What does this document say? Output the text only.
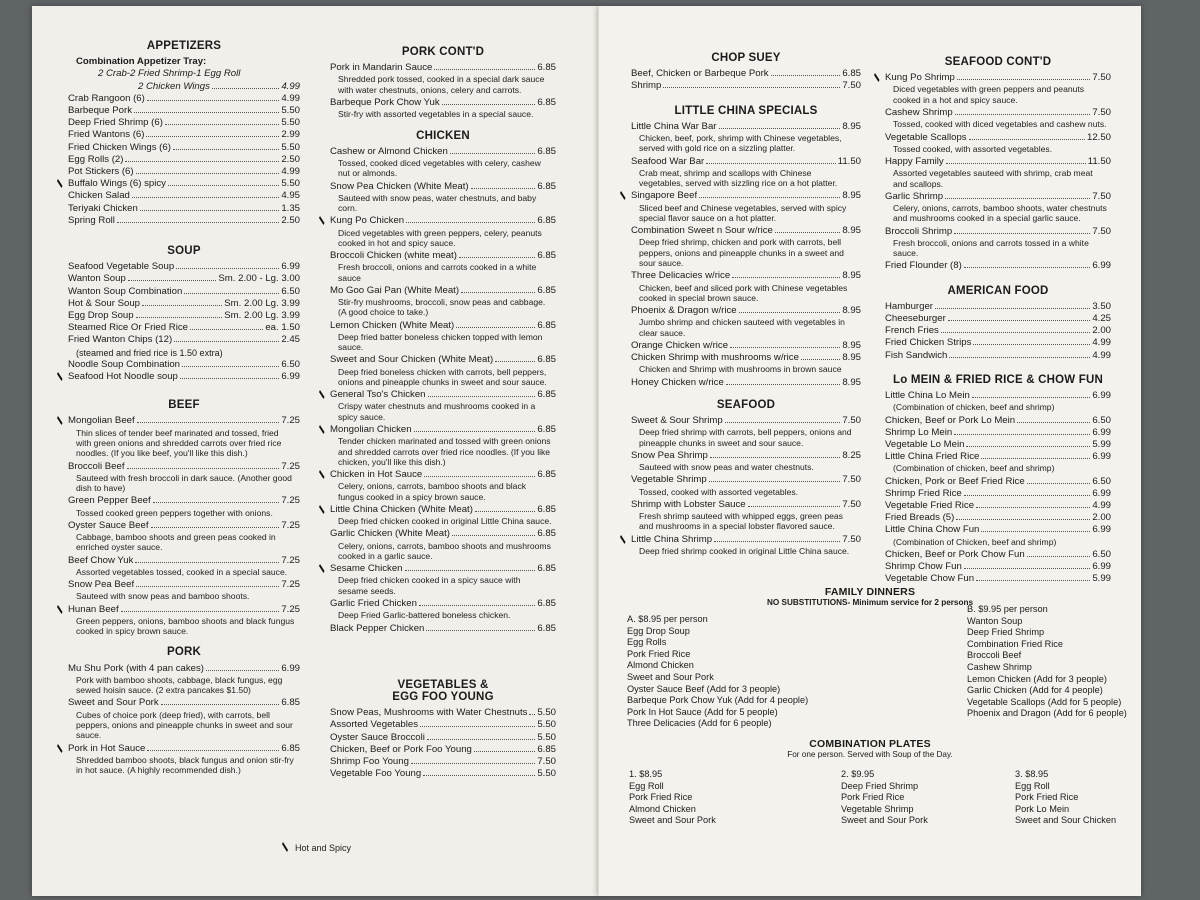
APPETIZERS
Combination Appetizer Tray:
2 Crab-2 Fried Shrimp-1 Egg Roll
2 Chicken Wings	4.99
Crab Rangoon (6)	4.99
Barbeque Pork	5.50
Deep Fried Shrimp (6)	5.50
Fried Wantons (6)	2.99
Fried Chicken Wings (6)	5.50
Egg Rolls (2)	2.50
Pot Stickers (6)	4.99
Buffalo Wings (6) spicy	5.50
Chicken Salad	4.95
Teriyaki Chicken	1.35
Spring Roll	2.50
SOUP
Seafood Vegetable Soup	6.99
Wanton Soup	Sm. 2.00 - Lg. 3.00
Wanton Soup Combination	6.50
Hot & Sour Soup	Sm. 2.00 Lg. 3.99
Egg Drop Soup	Sm. 2.00 Lg. 3.99
Steamed Rice Or Fried Rice	ea. 1.50
Fried Wanton Chips (12)	2.45
(steamed and fried rice is 1.50 extra)
Noodle Soup Combination	6.50
Seafood Hot Noodle soup	6.99
BEEF
Mongolian Beef	7.25
Thin slices of tender beef marinated and tossed, fried with green onions and shredded carrots over fried rice noodles. (If you like beef, you'll like this dish.)
Broccoli Beef	7.25
Sauteed with fresh broccoli in dark sauce. (Another good dish to have)
Green Pepper Beef	7.25
Tossed cooked green peppers together with onions.
Oyster Sauce Beef	7.25
Cabbage, bamboo shoots and green peas cooked in enriched oyster sauce.
Beef Chow Yuk	7.25
Assorted vegetables tossed, cooked in a special sauce.
Snow Pea Beef	7.25
Sauteed with snow peas and bamboo shoots.
Hunan Beef	7.25
Green peppers, onions, bamboo shoots and black fungus cooked in spicy brown sauce.
PORK
Mu Shu Pork (with 4 pan cakes)	6.99
Pork with bamboo shoots, cabbage, black fungus, egg sewed hoisin sauce. (2 extra pancakes $1.50)
Sweet and Sour Pork	6.85
Cubes of choice pork (deep fried), with carrots, bell peppers, onions and pineapple chunks in sweet and sour sauce.
Pork in Hot Sauce	6.85
Shredded bamboo shoots, black fungus and onion stir-fry in hot sauce. (A highly recommended dish.)
PORK CONT'D
Pork in Mandarin Sauce	6.85
Shredded pork tossed, cooked in a special dark sauce with water chestnuts, onions, celery and carrots.
Barbeque Pork Chow Yuk	6.85
Stir-fry with assorted vegetables in a special sauce.
CHICKEN
Cashew or Almond Chicken	6.85
Tossed, cooked diced vegetables with celery, cashew nut or almonds.
Snow Pea Chicken (White Meat)	6.85
Sauteed with snow peas, water chestnuts, and baby corn.
Kung Po Chicken	6.85
Diced vegetables with green peppers, celery, peanuts cooked in hot and spicy sauce.
Broccoli Chicken (white meat)	6.85
Fresh broccoli, onions and carrots cooked in a white sauce
Mo Goo Gai Pan (White Meat)	6.85
Stir-fry mushrooms, broccoli, snow peas and cabbage. (A good choice to take.)
Lemon Chicken (White Meat)	6.85
Deep fried batter boneless chicken topped with lemon sauce.
Sweet and Sour Chicken (White Meat)	6.85
Deep fried boneless chicken with carrots, bell peppers, onions and pineapple chunks in sweet and sour sauce.
General Tso's Chicken	6.85
Crispy water chestnuts and mushrooms cooked in a spicy sauce.
Mongolian Chicken	6.85
Tender chicken marinated and tossed with green onions and shredded carrots over fried rice noodles. (If you like chicken, you'll like this dish.)
Chicken in Hot Sauce	6.85
Celery, onions, carrots, bamboo shoots and black fungus cooked in a spicy brown sauce.
Little China Chicken (White Meat)	6.85
Deep fried chicken cooked in original Little China sauce.
Garlic Chicken (White Meat)	6.85
Celery, onions, carrots, bamboo shoots and mushrooms cooked in a garlic sauce.
Sesame Chicken	6.85
Deep fried chicken cooked in a spicy sauce with sesame seeds.
Garlic Fried Chicken	6.85
Deep Fried Garlic-battered boneless chicken.
Black Pepper Chicken	6.85
VEGETABLES &
EGG FOO YOUNG
Snow Peas, Mushrooms with Water Chestnuts 5.50
Assorted Vegetables	5.50
Oyster Sauce Broccoli	5.50
Chicken, Beef or Pork Foo Young	6.85
Shrimp Foo Young	7.50
Vegetable Foo Young	5.50
Hot and Spicy
CHOP SUEY
Beef, Chicken or Barbeque Pork	6.85
Shrimp	7.50
LITTLE CHINA SPECIALS
Little China War Bar	8.95
Chicken, beef, pork, shrimp with Chinese vegetables, served with gold rice on a sizzling platter.
Seafood War Bar	11.50
Crab meat, shrimp and scallops with Chinese vegetables, served with sizzling rice on a hot platter.
Singapore Beef	8.95
Sliced beef and Chinese vegetables, served with spicy special flavor sauce on a hot platter.
Combination Sweet n Sour w/rice	8.95
Deep fried shrimp, chicken and pork with carrots, bell peppers, onions and pineapple chunks in a sweet and sour sauce.
Three Delicacies w/rice	8.95
Chicken, beef and sliced pork with Chinese vegetables cooked in special brown sauce.
Phoenix & Dragon w/rice	8.95
Jumbo shrimp and chicken sauteed with vegetables in clear sauce.
Orange Chicken w/rice	8.95
Chicken Shrimp with mushrooms w/rice	8.95
Chicken and Shrimp with mushrooms in brown sauce
Honey Chicken w/rice	8.95
SEAFOOD
Sweet & Sour Shrimp	7.50
Deep fried shrimp with carrots, bell peppers, onions and pineapple chunks in sweet and sour sauce.
Snow Pea Shrimp	8.25
Sauteed with snow peas and water chestnuts.
Vegetable Shrimp	7.50
Tossed, cooked with assorted vegetables.
Shrimp with Lobster Sauce	7.50
Fresh shrimp sauteed with whipped eggs, green peas and mushrooms in a special lobster flavored sauce.
Little China Shrimp	7.50
Deep fried shrimp cooked in original Little China sauce.
SEAFOOD CONT'D
Kung Po Shrimp	7.50
Diced vegetables with green peppers and peanuts cooked in a hot and spicy sauce.
Cashew Shrimp	7.50
Tossed, cooked with diced vegetables and cashew nuts.
Vegetable Scallops	12.50
Tossed cooked, with assorted vegetables.
Happy Family	11.50
Assorted vegetables sauteed with shrimp, crab meat and scallops.
Garlic Shrimp	7.50
Celery, onions, carrots, bamboo shoots, water chestnuts and mushrooms cooked in a special garlic sauce.
Broccoli Shrimp	7.50
Fresh broccoli, onions and carrots tossed in a white sauce.
Fried Flounder (8)	6.99
AMERICAN FOOD
Hamburger	3.50
Cheeseburger	4.25
French Fries	2.00
Fried Chicken Strips	4.99
Fish Sandwich	4.99
Lo MEIN & FRIED RICE & CHOW FUN
Little China Lo Mein	6.99
(Combination of chicken, beef and shrimp)
Chicken, Beef or Pork Lo Mein	6.50
Shrimp Lo Mein	6.99
Vegetable Lo Mein	5.99
Little China Fried Rice	6.99
(Combination of chicken, beef and shrimp)
Chicken, Pork or Beef Fried Rice	6.50
Shrimp Fried Rice	6.99
Vegetable Fried Rice	4.99
Fried Breads (5)	2.00
Little China Chow Fun	6.99
(Combination of Chicken, beef and shrimp)
Chicken, Beef or Pork Chow Fun	6.50
Shrimp Chow Fun	6.99
Vegetable Chow Fun	5.99
FAMILY DINNERS
NO SUBSTITUTIONS- Minimum service for 2 persons
A. $8.95 per person
Egg Drop Soup
Egg Rolls
Pork Fried Rice
Almond Chicken
Sweet and Sour Pork
Oyster Sauce Beef (Add for 3 people)
Barbeque Pork Chow Yuk (Add for 4 people)
Pork In Hot Sauce (Add for 5 people)
Three Delicacies (Add for 6 people)
B. $9.95 per person
Wanton Soup
Deep Fried Shrimp
Combination Fried Rice
Broccoli Beef
Cashew Shrimp
Lemon Chicken (Add for 3 people)
Garlic Chicken (Add for 4 people)
Vegetable Scallops (Add for 5 people)
Phoenix and Dragon (Add for 6 people)
COMBINATION PLATES
For one person. Served with Soup of the Day.
1. $8.95
Egg Roll
Pork Fried Rice
Almond Chicken
Sweet and Sour Pork
2. $9.95
Deep Fried Shrimp
Pork Fried Rice
Vegetable Shrimp
Sweet and Sour Pork
3. $8.95
Egg Roll
Pork Fried Rice
Pork Lo Mein
Sweet and Sour Chicken
